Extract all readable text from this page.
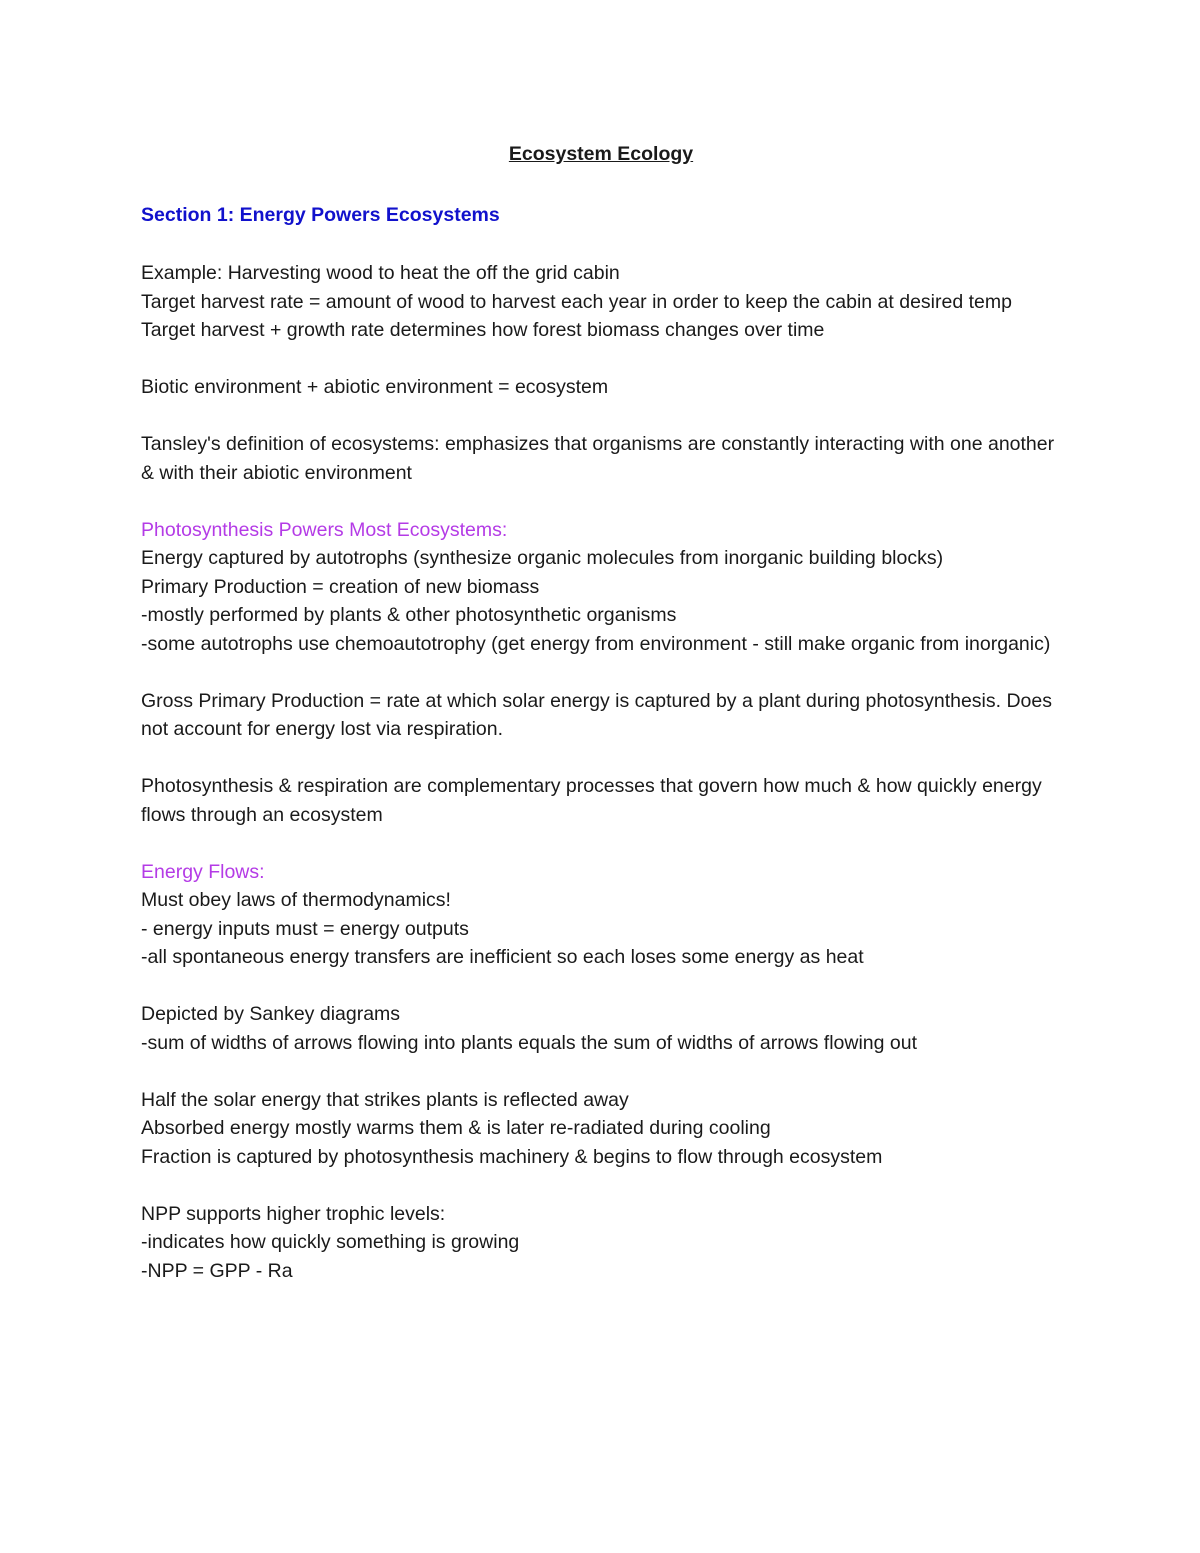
Ecosystem Ecology

Section 1: Energy Powers Ecosystems

Example: Harvesting wood to heat the off the grid cabin

Target harvest rate = amount of wood to harvest each year in order to keep the cabin at desired temp

Target harvest + growth rate determines how forest biomass changes over time

Biotic environment + abiotic environment = ecosystem

Tansley's definition of ecosystems: emphasizes that organisms are constantly interacting with one another & with their abiotic environment

Photosynthesis Powers Most Ecosystems:

Energy captured by autotrophs (synthesize organic molecules from inorganic building blocks)

Primary Production = creation of new biomass

-mostly performed by plants & other photosynthetic organisms

-some autotrophs use chemoautotrophy (get energy from environment - still make organic from inorganic)

Gross Primary Production = rate at which solar energy is captured by a plant during photosynthesis. Does not account for energy lost via respiration.

Photosynthesis & respiration are complementary processes that govern how much & how quickly energy flows through an ecosystem

Energy Flows:

Must obey laws of thermodynamics!

- energy inputs must = energy outputs

-all spontaneous energy transfers are inefficient so each loses some energy as heat

Depicted by Sankey diagrams

-sum of widths of arrows flowing into plants equals the sum of widths of arrows flowing out

Half the solar energy that strikes plants is reflected away

Absorbed energy mostly warms them & is later re-radiated during cooling

Fraction is captured by photosynthesis machinery & begins to flow through ecosystem

NPP supports higher trophic levels:

-indicates how quickly something is growing

-NPP = GPP - Ra
